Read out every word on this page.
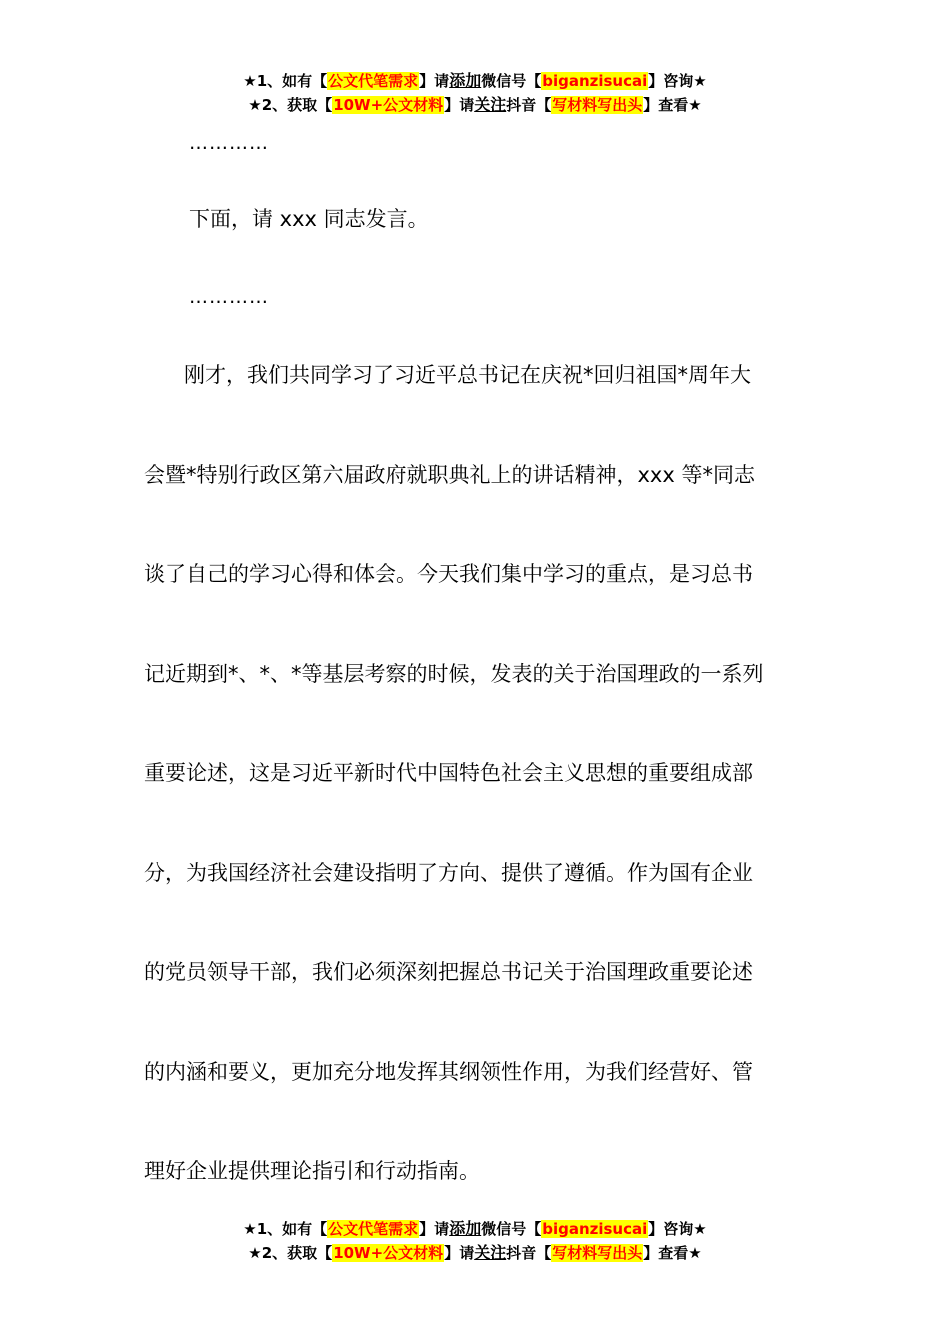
★1、如有【公文代笔需求】请添加微信号【biganzisucai】咨询★
★2、获取【10W+公文材料】请关注抖音【写材料写出头】查看★
…………
下面，请 xxx 同志发言。
…………
刚才，我们共同学习了习近平总书记在庆祝*回归祖国*周年大
会暨*特别行政区第六届政府就职典礼上的讲话精神，xxx 等*同志
谈了自己的学习心得和体会。今天我们集中学习的重点，是习总书
记近期到*、*、*等基层考察的时候，发表的关于治国理政的一系列
重要论述，这是习近平新时代中国特色社会主义思想的重要组成部
分，为我国经济社会建设指明了方向、提供了遵循。作为国有企业
的党员领导干部，我们必须深刻把握总书记关于治国理政重要论述
的内涵和要义，更加充分地发挥其纲领性作用，为我们经营好、管
理好企业提供理论指引和行动指南。
★1、如有【公文代笔需求】请添加微信号【biganzisucai】咨询★
★2、获取【10W+公文材料】请关注抖音【写材料写出头】查看★
